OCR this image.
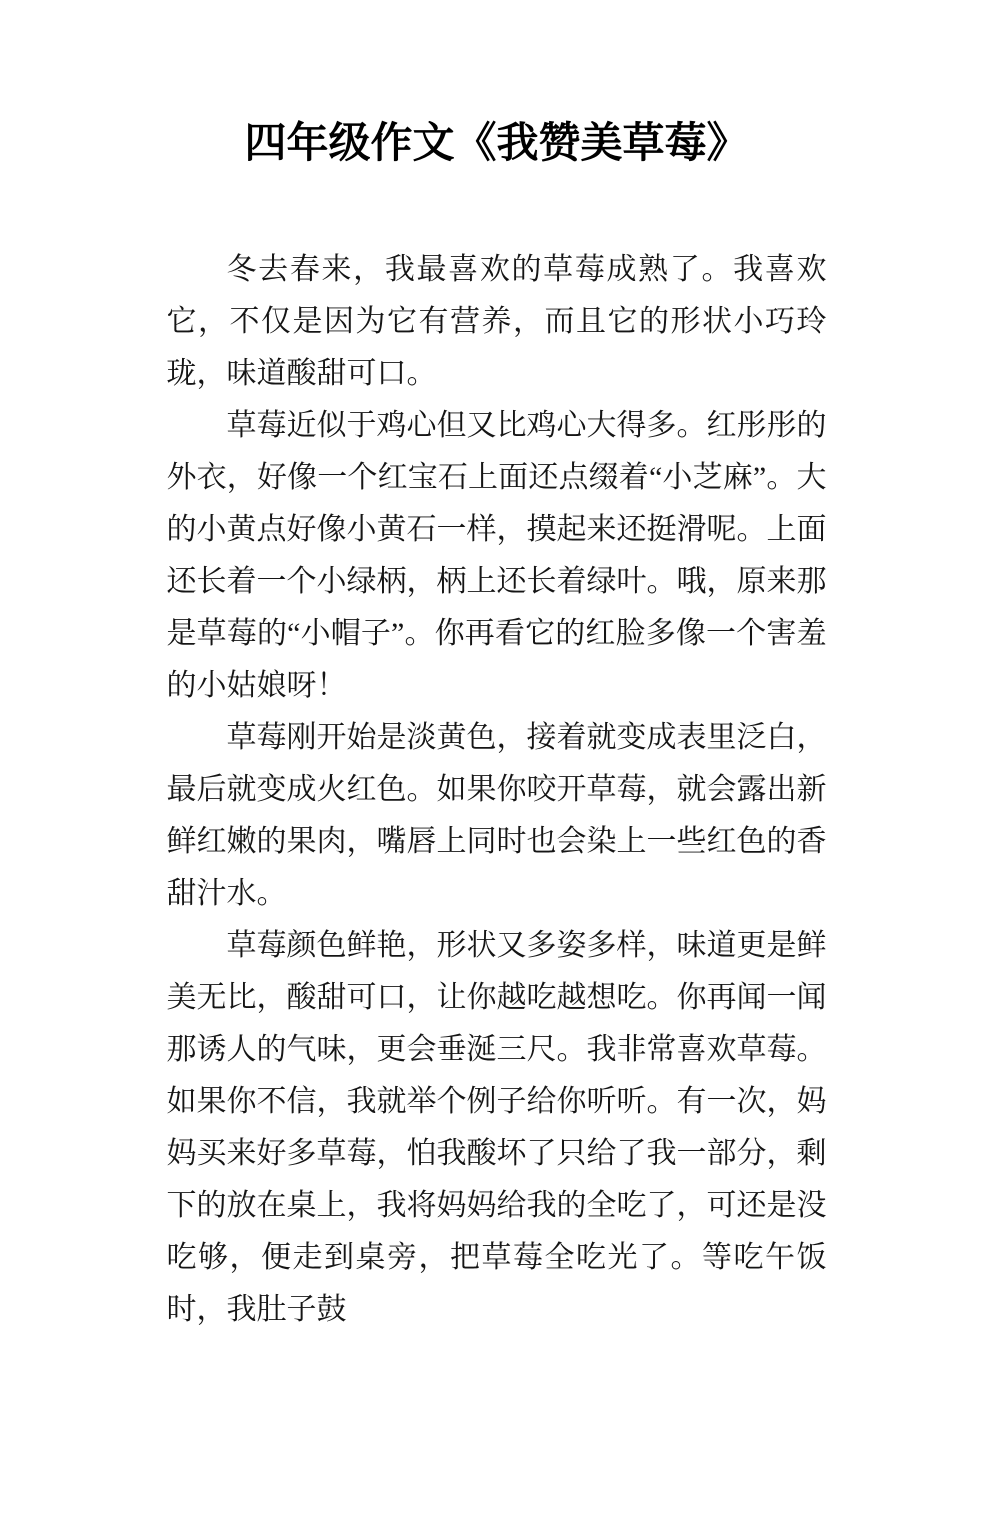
四年级作文《我赞美草莓》

冬去春来，我最喜欢的草莓成熟了。我喜欢它，不仅是因为它有营养，而且它的形状小巧玲珑，味道酸甜可口。

草莓近似于鸡心但又比鸡心大得多。红彤彤的外衣，好像一个红宝石上面还点缀着“小芝麻”。大的小黄点好像小黄石一样，摸起来还挺滑呢。上面还长着一个小绿柄，柄上还长着绿叶。哦，原来那是草莓的“小帽子”。你再看它的红脸多像一个害羞的小姑娘呀！

草莓刚开始是淡黄色，接着就变成表里泛白，最后就变成火红色。如果你咬开草莓，就会露出新鲜红嫩的果肉，嘴唇上同时也会染上一些红色的香甜汁水。

草莓颜色鲜艳，形状又多姿多样，味道更是鲜美无比，酸甜可口，让你越吃越想吃。你再闻一闻那诱人的气味，更会垂涎三尺。我非常喜欢草莓。如果你不信，我就举个例子给你听听。有一次，妈妈买来好多草莓，怕我酸坏了只给了我一部分，剩下的放在桌上，我将妈妈给我的全吃了，可还是没吃够，便走到桌旁，把草莓全吃光了。等吃午饭时，我肚子鼓
